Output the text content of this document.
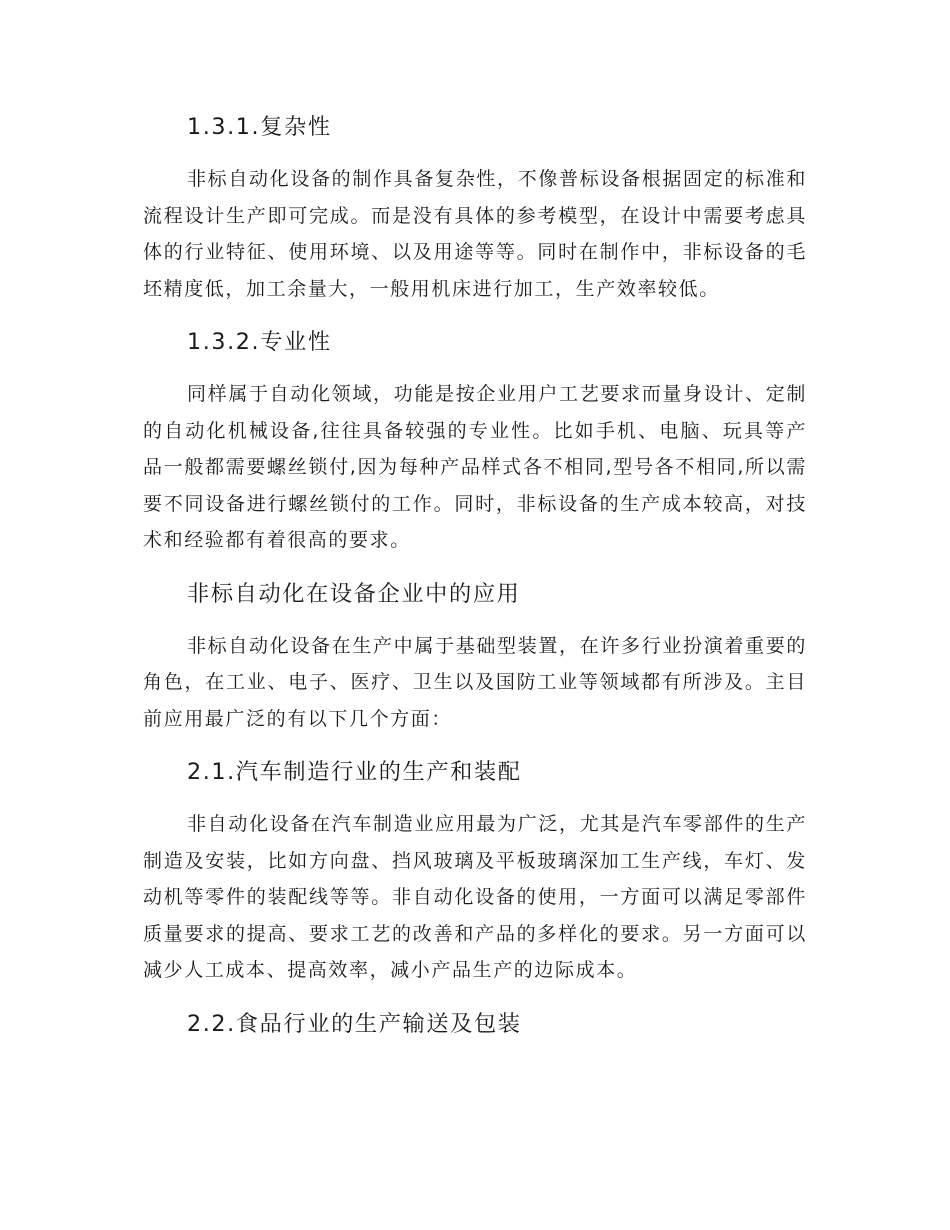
1.3.1.复杂性

非标自动化设备的制作具备复杂性，不像普标设备根据固定的标准和流程设计生产即可完成。而是没有具体的参考模型，在设计中需要考虑具体的行业特征、使用环境、以及用途等等。同时在制作中，非标设备的毛坯精度低，加工余量大，一般用机床进行加工，生产效率较低。

1.3.2.专业性

同样属于自动化领域，功能是按企业用户工艺要求而量身设计、定制的自动化机械设备,往往具备较强的专业性。比如手机、电脑、玩具等产品一般都需要螺丝锁付,因为每种产品样式各不相同,型号各不相同,所以需要不同设备进行螺丝锁付的工作。同时，非标设备的生产成本较高，对技术和经验都有着很高的要求。

非标自动化在设备企业中的应用

非标自动化设备在生产中属于基础型装置，在许多行业扮演着重要的角色，在工业、电子、医疗、卫生以及国防工业等领域都有所涉及。主目前应用最广泛的有以下几个方面：

2.1.汽车制造行业的生产和装配

非自动化设备在汽车制造业应用最为广泛，尤其是汽车零部件的生产制造及安装，比如方向盘、挡风玻璃及平板玻璃深加工生产线，车灯、发动机等零件的装配线等等。非自动化设备的使用，一方面可以满足零部件质量要求的提高、要求工艺的改善和产品的多样化的要求。另一方面可以减少人工成本、提高效率，减小产品生产的边际成本。

2.2.食品行业的生产输送及包装
